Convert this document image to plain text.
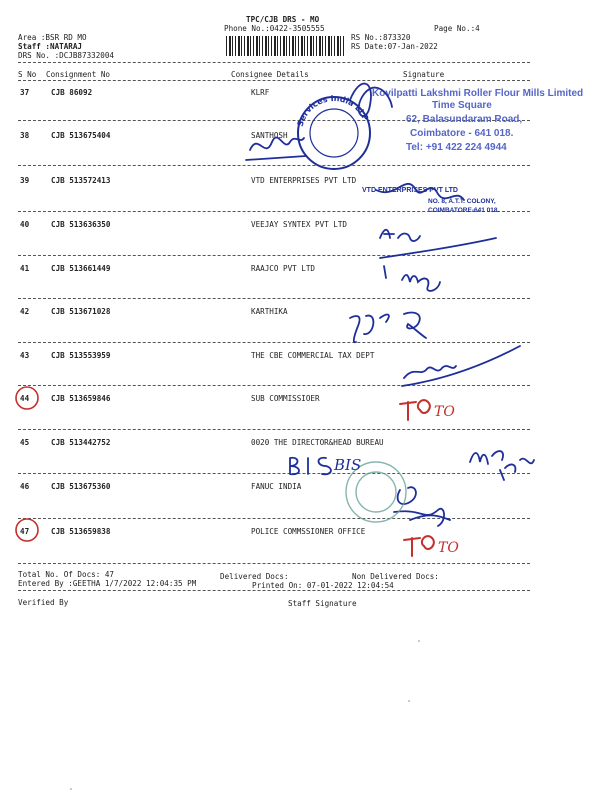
TPC/CJB DRS - MO
Phone No.:0422-3505555	Page No.:4
Area :BSR RD MO
Staff :NATARAJ
DRS No. :DCJB87332004
RS No.:873320
RS Date:07-Jan-2022
S No Consignment No	Consignee Details	Signature
37	CJB 86092	KLRF
38	CJB 513675404	SANTHOSH
39	CJB 513572413	VTD ENTERPRISES PVT LTD
40	CJB 513636350	VEEJAY SYNTEX PVT LTD
41	CJB 513661449	RAAJCO PVT LTD
42	CJB 513671028	KARTHIKA
43	CJB 513553959	THE CBE COMMERCIAL TAX DEPT
44	CJB 513659846	SUB COMMISSIOER
45	CJB 513442752	0020 THE DIRECTOR&HEAD BUREAU
46	CJB 513675360	FANUC INDIA
47	CJB 513659838	POLICE COMMSSIONER OFFICE
Total No. Of Docs: 47	Delivered Docs:	Non Delivered Docs:
Entered By :GEETHA 1/7/2022 12:04:35 PM	Printed On: 07-01-2022 12:04:54
Verified By	Staff Signature
Services India LLP
Kovilpatti Lakshmi Roller Flour Mills Limited
Time Square
62, Balasundaram Road,
Coimbatore - 641 018.
Tel: +91 422 224 4944
VTD ENTERPRISES PVT LTD
NO. 8, A.T.T. COLONY,
COIMBATORE-641 018.
TO
TO
TO
BIS
